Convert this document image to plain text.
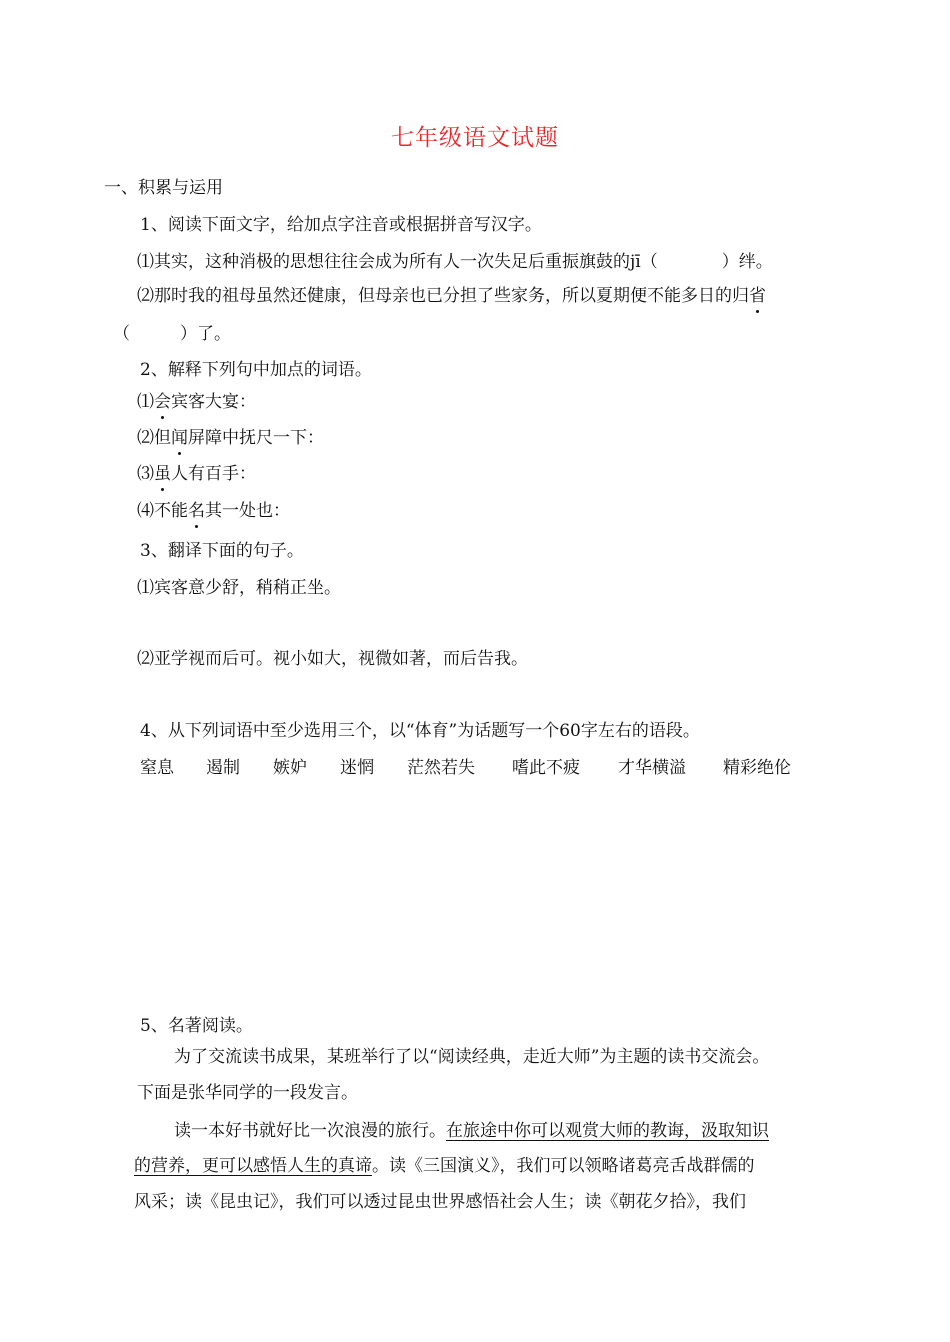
七年级语文试题
一、积累与运用
1、阅读下面文字，给加点字注音或根据拼音写汉字。
⑴其实，这种消极的思想往往会成为所有人一次失足后重振旗鼓的jī（	）绊。
⑵那时我的祖母虽然还健康，但母亲也已分担了些家务，所以夏期便不能多日的归省
（	）了。
2、解释下列句中加点的词语。
⑴会宾客大宴：
⑵但闻屏障中抚尺一下：
⑶虽人有百手：
⑷不能名其一处也：
3、翻译下面的句子。
⑴宾客意少舒，稍稍正坐。
⑵亚学视而后可。视小如大，视微如著，而后告我。
4、从下列词语中至少选用三个，以“体育”为话题写一个60字左右的语段。
窒息 遏制 嫉妒 迷惘 茫然若失 嗜此不疲 才华横溢 精彩绝伦
5、名著阅读。
为了交流读书成果，某班举行了以“阅读经典，走近大师”为主题的读书交流会。
下面是张华同学的一段发言。
读一本好书就好比一次浪漫的旅行。在旅途中你可以观赏大师的教诲，汲取知识
的营养，更可以感悟人生的真谛。读《三国演义》，我们可以领略诸葛亮舌战群儒的
风采；读《昆虫记》，我们可以透过昆虫世界感悟社会人生；读《朝花夕拾》，我们
